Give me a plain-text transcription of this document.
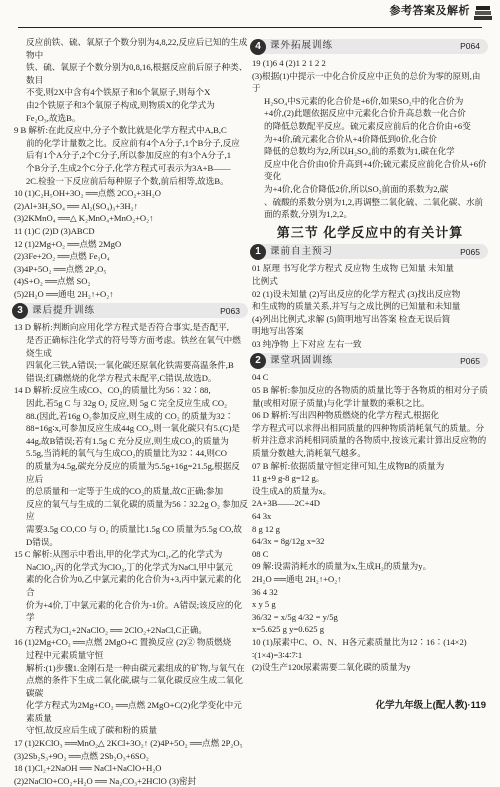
参考答案及解析

反应前铁、硫、氧原子个数分别为4,8,22,反应后已知的生成物中

铁、硫、氧原子个数分别为0,8,16,根据反应前后原子种类、数目

不变,则2X中含有4个铁原子和6个氧原子,则每个X

由2个铁原子和3个氧原子构成,则物质X的化学式为

Fe₂O₃,故选B。

9 B 解析:在此反应中,分子个数比就是化学方程式中A,B,C

前的化学计量数之比。反应前有4个A分子,1个B分子,反应

后有1个A分子,2个C分子,所以参加反应的有3个A分子,1

个B分子,生成2个C分子,化学方程式可表示为3A+B——

2C.检验一下反应前后每种原子个数,前后相等,故选B。

10 (1)C₂H₅OH+3O₂ ══点燃 2CO₂+3H₂O

(2)Al+3H₂SO₄ ══ Al₂(SO₄)₃+3H₂↑

(3)2KMnO₄ ══△ K₂MnO₄+MnO₂+O₂↑

11 (1)C (2)D (3)ABCD

12 (1)2Mg+O₂ ══点燃 2MgO

(2)3Fe+2O₂ ══点燃 Fe₃O₄

(3)4P+5O₂ ══点燃 2P₂O₅

(4)S+O₂ ══点燃 SO₂

(5)2H₂O ══通电 2H₂↑+O₂↑

3 课后提升训练	P063

13 D 解析:判断向应用化学方程式是否符合事实,是否配平,

是否正确标注化学式的符号等方面考虑。铁丝在氧气中燃烧生成

四氧化三铁,A错误;一氧化碳还原氧化铁需要高温条件,B

错误;红磷燃烧的化学方程式未配平,C错误,故选D。

14 D 解析:反应生成CO、CO₂的质量比为56∶32∶88,

因此,若5g C 与 32g O₂ 反应,则 5g C 完全反应生成 CO₂

88.(因此,若16g O₂参加反应,则生成的 CO₂ 的质量为32∶

88=16g∶x,可参加反应生成44g CO₂,则一氧化碳只有5.(C)是

44g,故B错误;若有1.5g C 充分反应,则生成CO₂的质量为

5.5g,当消耗的氧气与生成CO₂的质量比为32∶44,则CO

的质量为4.5g,碳充分反应的质量为5.5g+16g=21.5g,根据反应后

的总质量和一定等于生成的CO₂的质量,故C正确;参加

反应的氧气与生成的二氧化碳的质量为56∶32.2g O₂ 参加反应

需要3.5g CO,CO 与 O₂ 的质量比1.5g CO 质量为5.5g CO,故

D错误。

15 C 解析:从图示中看出,甲的化学式为Cl₂,乙的化学式为

NaClO₂,丙的化学式为ClO₂,丁的化学式为NaCl,甲中氯元

素的化合价为0,乙中氯元素的化合价为+3,丙中氯元素的化合

价为+4价,丁中氯元素的化合价为-1价。A错误;该反应的化学

方程式为Cl₂+2NaClO₂ ══ 2ClO₂+2NaCl,C正确。

16 (1)2Mg+CO₂ ══点燃 2MgO+C 置换反应 (2)② 物质燃烧

过程中元素质量守恒

解析:(1)步骤1.金刚石是一种由碳元素组成的矿物,与氧气在

点燃的条件下生成二氧化碳,碳与二氧化碳反应生成二氧化碳碳

化学方程式为2Mg+CO₂ ══点燃 2MgO+C(2)化学变化中元素质量

守恒,故反应后生成了碳和粉的质量

17 (1)2KClO₃ ══MnO₂△ 2KCl+3O₂↑ (2)4P+5O₂ ══点燃 2P₂O₅

(3)2Sb₂S₃+9O₂ ══点燃 2Sb₂O₃+6SO₂

18 (1)Cl₂+2NaOH ══ NaCl+NaClO+H₂O

(2)2NaClO+CO₂+H₂O ══ Na₂CO₃+2HClO (3)密封

4 课外拓展训练	P064

19 (1)6 4 (2)1 2 1 2 2

(3)根据(1)中提示一中化合价反应中正负的总价为零的原则,由于

H₂SO₄中S元素的化合价是+6价,如果SO₂中的化合价为

+4价,(2)此题依据反应中元素化合价升高总数一化合价

的降低总数配平反应。硫元素反应前后的化合价由+6变

为+4价,硫元素化合价从+4价降低到0价,化合价

降低的总数均为2,所以H₂SO₄前的系数为1,碳在化学

反应中化合价由0价升高到+4价;硫元素反应前化合价从+6价变化

为+4价,化合价降低2价,所以SO₂前面的系数为2,碳

、硫酸的系数分别为1,2,再调整二氧化硫、二氧化碳、水前

面的系数,分别为1,2,2。

第三节 化学反应中的有关计算
1 课前自主预习	P065

01 原理 书写化学方程式 反应物 生成物 已知量 未知量

比例式

02 (1)设未知量 (2)写出反应的化学方程式 (3)找出反应物

和生成物的质量关系,并写与之成比例的已知量和未知量

(4)列出比例式,求解 (5)简明地写出答案 检查无误后简

明地写出答案

03 纯净物 上下对应 左右一致

2 课堂巩固训练	P065

04 C

05 B 解析:参加反应的各物质的质量比等于各物质的相对分子质

量(或相对原子质量)与化学计量数的乘积之比。

06 D 解析:写出四种物质燃烧的化学方程式,根据化

学方程式可以求得出相同质量的四种物质消耗氧气的质量。分

析并注意求消耗相同质量的各物质中,按该元素计算出反应物的

质量分数越大,消耗氧气越多。

07 B 解析:依据质量守恒定律可知,生成物B的质量为

11 g+9 g-8 g=12 g。

设生成A的质量为x。

2A+3B——2C+4D

64 3x

8 g 12 g

64/3x = 8g/12g x=32

08 C

09 解:设需消耗水的质量为x,生成H₂的质量为y。

2H₂O ══通电 2H₂↑+O₂↑

36 4 32

x y 5 g

36/32 = x/5g 4/32 = y/5g

x=5.625 g y=0.625 g

10 (1)尿素中C、O、N、H各元素质量比为12∶16∶(14×2)

∶(1×4)=3∶4∶7∶1

(2)设生产120t尿素需要二氧化碳的质量为y

化学九年级上(配人教)·119
